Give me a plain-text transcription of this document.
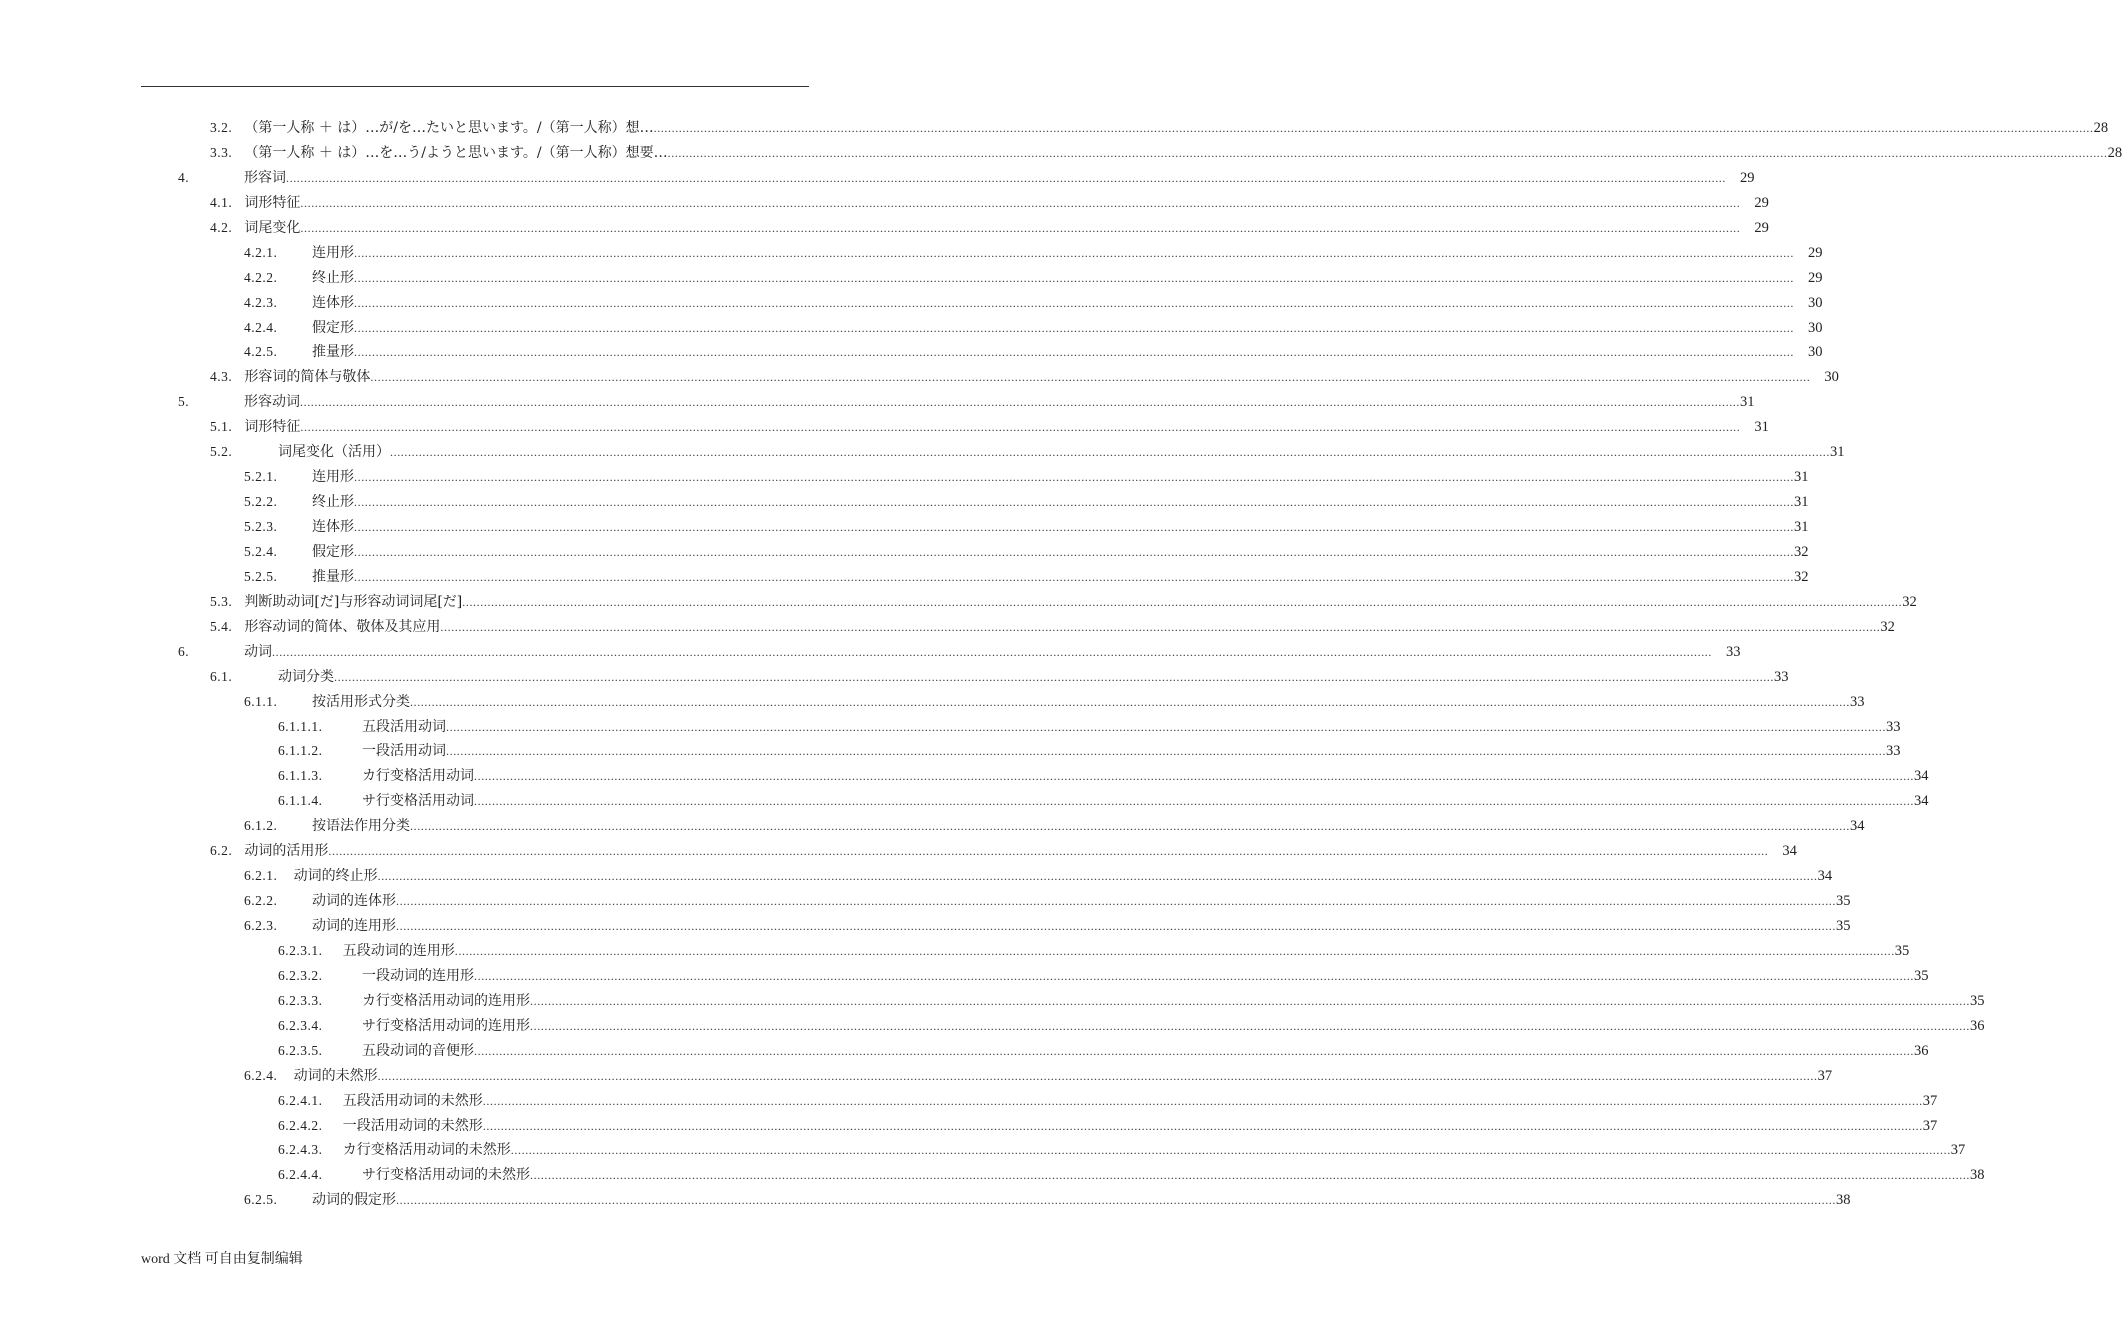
3.2. （第一人称 ＋ は）…が/を…たいと思います。/（第一人称）想… ................................................................................................................................................................................................................................................................................................................................................................................................................ 28
3.3. （第一人称 ＋ は）…を…う/ようと思います。/（第一人称）想要… ................................................................................................................................................................................................................................................................................................................................................................................................................ 28
4.	形容词 ................................................................................................................................................................................................................................................................................................................................................................................................................ 29
4.1. 词形特征 ................................................................................................................................................................................................................................................................................................................................................................................................................ 29
4.2. 词尾变化 ................................................................................................................................................................................................................................................................................................................................................................................................................ 29
4.2.1. 连用形 ................................................................................................................................................................................................................................................................................................................................................................................................................ 29
4.2.2. 终止形 ................................................................................................................................................................................................................................................................................................................................................................................................................ 29
4.2.3. 连体形 ................................................................................................................................................................................................................................................................................................................................................................................................................ 30
4.2.4. 假定形 ................................................................................................................................................................................................................................................................................................................................................................................................................ 30
4.2.5. 推量形 ................................................................................................................................................................................................................................................................................................................................................................................................................ 30
4.3. 形容词的简体与敬体 ................................................................................................................................................................................................................................................................................................................................................................................................................ 30
5.	形容动词 ................................................................................................................................................................................................................................................................................................................................................................................................................ 31
5.1. 词形特征 ................................................................................................................................................................................................................................................................................................................................................................................................................ 31
5.2.	词尾变化（活用） ................................................................................................................................................................................................................................................................................................................................................................................................................ 31
5.2.1. 连用形 ................................................................................................................................................................................................................................................................................................................................................................................................................ 31
5.2.2. 终止形 ................................................................................................................................................................................................................................................................................................................................................................................................................ 31
5.2.3. 连体形 ................................................................................................................................................................................................................................................................................................................................................................................................................ 31
5.2.4. 假定形 ................................................................................................................................................................................................................................................................................................................................................................................................................ 32
5.2.5. 推量形 ................................................................................................................................................................................................................................................................................................................................................................................................................ 32
5.3. 判断助动词[だ]与形容动词词尾[だ] ................................................................................................................................................................................................................................................................................................................................................................................................................ 32
5.4. 形容动词的简体、敬体及其应用 ................................................................................................................................................................................................................................................................................................................................................................................................................ 32
6.	动词 ................................................................................................................................................................................................................................................................................................................................................................................................................ 33
6.1.	动词分类 ................................................................................................................................................................................................................................................................................................................................................................................................................ 33
6.1.1. 按活用形式分类 ................................................................................................................................................................................................................................................................................................................................................................................................................ 33
6.1.1.1.	五段活用动词 ................................................................................................................................................................................................................................................................................................................................................................................................................ 33
6.1.1.2.	一段活用动词 ................................................................................................................................................................................................................................................................................................................................................................................................................ 33
6.1.1.3.	カ行变格活用动词 ................................................................................................................................................................................................................................................................................................................................................................................................................ 34
6.1.1.4.	サ行变格活用动词 ................................................................................................................................................................................................................................................................................................................................................................................................................ 34
6.1.2. 按语法作用分类 ................................................................................................................................................................................................................................................................................................................................................................................................................ 34
6.2. 动词的活用形 ................................................................................................................................................................................................................................................................................................................................................................................................................ 34
6.2.1. 动词的终止形 ................................................................................................................................................................................................................................................................................................................................................................................................................ 34
6.2.2. 动词的连体形 ................................................................................................................................................................................................................................................................................................................................................................................................................ 35
6.2.3. 动词的连用形 ................................................................................................................................................................................................................................................................................................................................................................................................................ 35
6.2.3.1. 五段动词的连用形 ................................................................................................................................................................................................................................................................................................................................................................................................................ 35
6.2.3.2.	一段动词的连用形 ................................................................................................................................................................................................................................................................................................................................................................................................................ 35
6.2.3.3.	カ行变格活用动词的连用形 ................................................................................................................................................................................................................................................................................................................................................................................................................ 35
6.2.3.4.	サ行变格活用动词的连用形 ................................................................................................................................................................................................................................................................................................................................................................................................................ 36
6.2.3.5.	五段动词的音便形 ................................................................................................................................................................................................................................................................................................................................................................................................................ 36
6.2.4. 动词的未然形 ................................................................................................................................................................................................................................................................................................................................................................................................................ 37
6.2.4.1. 五段活用动词的未然形 ................................................................................................................................................................................................................................................................................................................................................................................................................ 37
6.2.4.2. 一段活用动词的未然形 ................................................................................................................................................................................................................................................................................................................................................................................................................ 37
6.2.4.3. カ行变格活用动词的未然形 ................................................................................................................................................................................................................................................................................................................................................................................................................ 37
6.2.4.4.	サ行变格活用动词的未然形 ................................................................................................................................................................................................................................................................................................................................................................................................................ 38
6.2.5. 动词的假定形 ................................................................................................................................................................................................................................................................................................................................................................................................................ 38
word 文档 可自由复制编辑
